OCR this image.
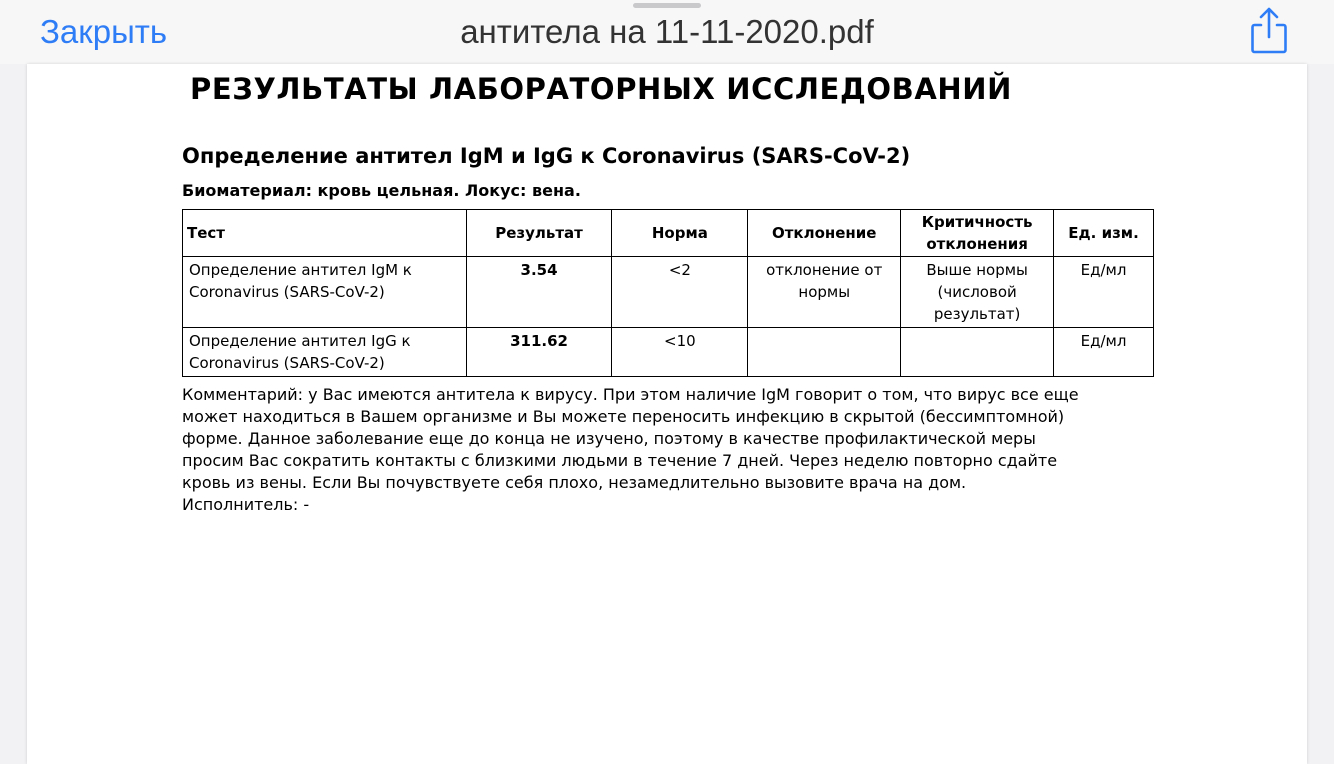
Закрыть	антитела на 11-11-2020.pdf
РЕЗУЛЬТАТЫ ЛАБОРАТОРНЫХ ИССЛЕДОВАНИЙ
Определение антител IgM и IgG к Coronavirus (SARS-CoV-2)
Биоматериал: кровь цельная. Локус: вена.
Тест	Результат	Норма	Отклонение	Критичность отклонения	Ед. изм.
Определение антител IgM к Coronavirus (SARS-CoV-2)	3.54	<2	отклонение от нормы	Выше нормы (числовой результат)	Ед/мл
Определение антител IgG к Coronavirus (SARS-CoV-2)	311.62	<10			Ед/мл

Комментарий: у Вас имеются антитела к вирусу. При этом наличие IgM говорит о том, что вирус все еще может находиться в Вашем организме и Вы можете переносить инфекцию в скрытой (бессимптомной) форме. Данное заболевание еще до конца не изучено, поэтому в качестве профилактической меры просим Вас сократить контакты с близкими людьми в течение 7 дней. Через неделю повторно сдайте кровь из вены. Если Вы почувствуете себя плохо, незамедлительно вызовите врача на дом.

Исполнитель: -
